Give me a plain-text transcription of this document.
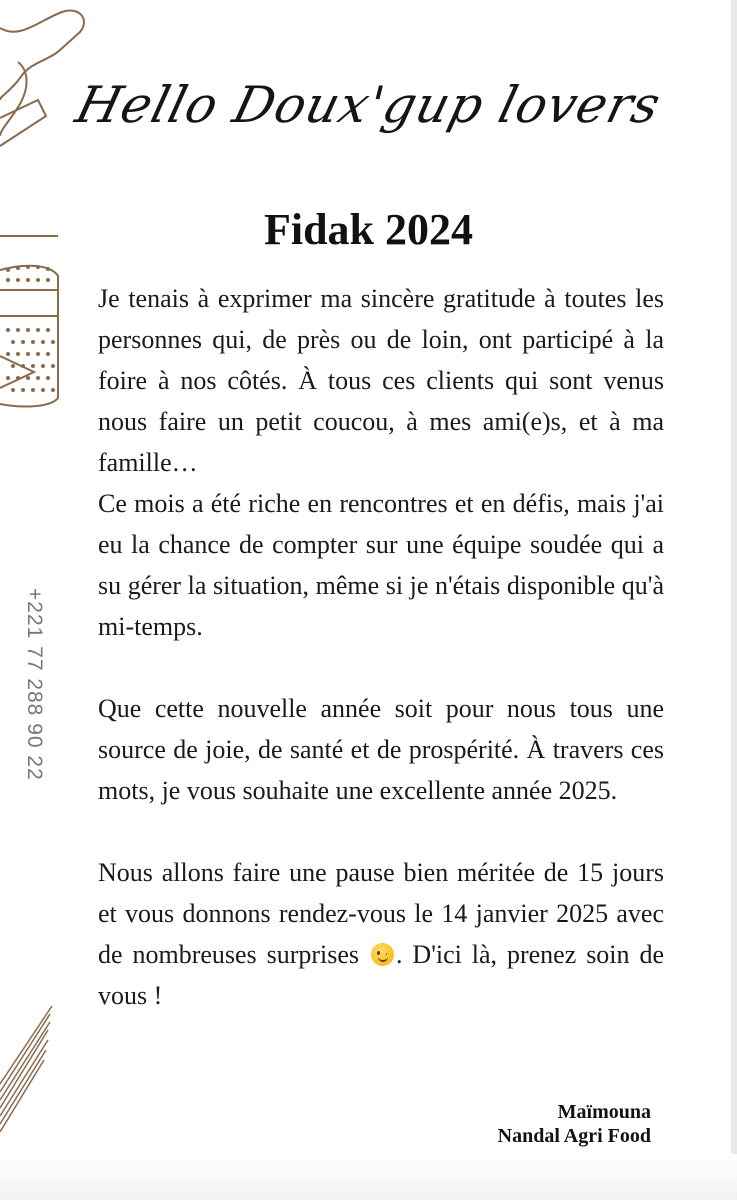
Hello Doux'gup lovers
Fidak 2024

Je tenais à exprimer ma sincère gratitude à toutes les personnes qui, de près ou de loin, ont participé à la foire à nos côtés. À tous ces clients qui sont venus nous faire un petit coucou, à mes ami(e)s, et à ma famille…

Ce mois a été riche en rencontres et en défis, mais j'ai eu la chance de compter sur une équipe soudée qui a su gérer la situation, même si je n'étais disponible qu'à mi-temps.

Que cette nouvelle année soit pour nous tous une source de joie, de santé et de prospérité. À travers ces mots, je vous souhaite une excellente année 2025.

Nous allons faire une pause bien méritée de 15 jours et vous donnons rendez-vous le 14 janvier 2025 avec de nombreuses surprises . D'ici là, prenez soin de vous !

+221 77 288 90 22
Maïmouna
Nandal Agri Food
